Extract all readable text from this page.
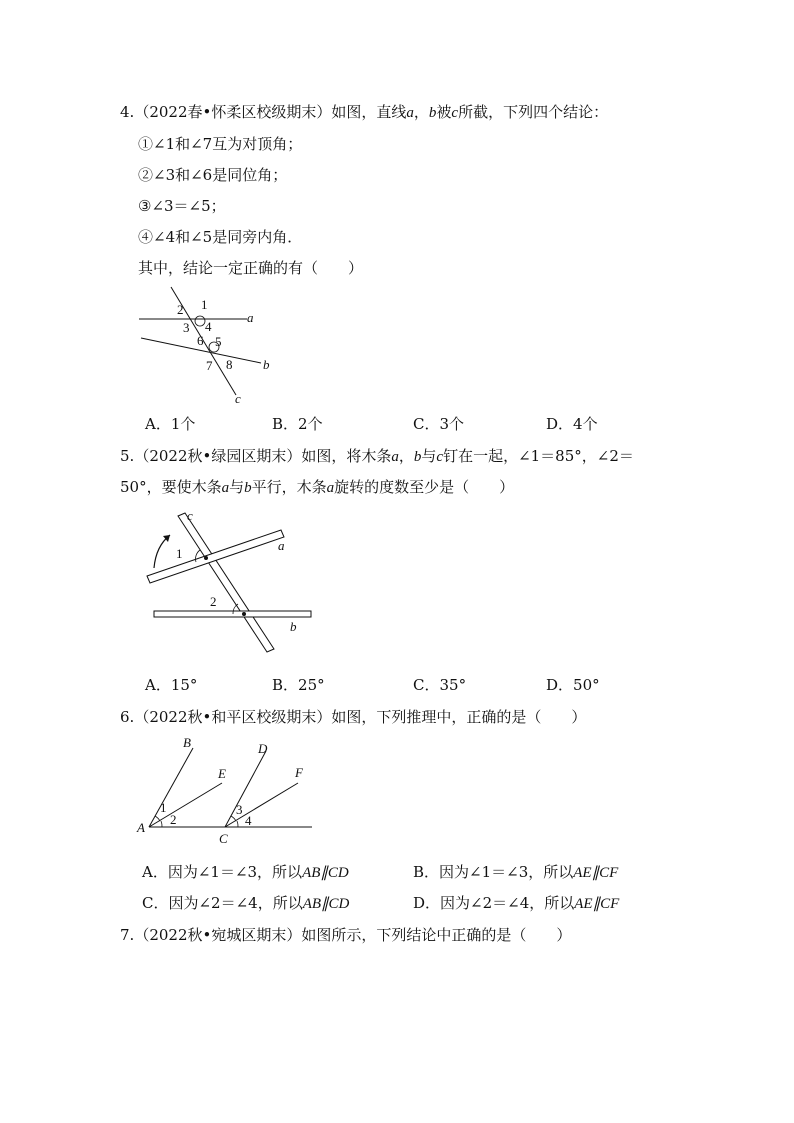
4.（2022春•怀柔区校级期末）如图，直线a，b被c所截，下列四个结论：
①∠1和∠7互为对顶角；
②∠3和∠6是同位角；
③∠3＝∠5；
④∠4和∠5是同旁内角．
其中，结论一定正确的有（　　）
1
2
3 4
5
6
7 8
a
b
c
A．1个	B．2个	C．3个	D．4个
5.（2022秋•绿园区期末）如图，将木条a，b与c钉在一起，∠1＝85°，∠2＝
50°，要使木条a与b平行，木条a旋转的度数至少是（　　）
1
2
a
b
c
A．15°	B．25°	C．35°	D．50°
6.（2022秋•和平区校级期末）如图，下列推理中，正确的是（　　）
A
B
C
D
E	F
1
2
3
4
A．因为∠1＝∠3，所以AB∥CD	B．因为∠1＝∠3，所以AE∥CF
C．因为∠2＝∠4，所以AB∥CD	D．因为∠2＝∠4，所以AE∥CF
7.（2022秋•宛城区期末）如图所示，下列结论中正确的是（　　）
